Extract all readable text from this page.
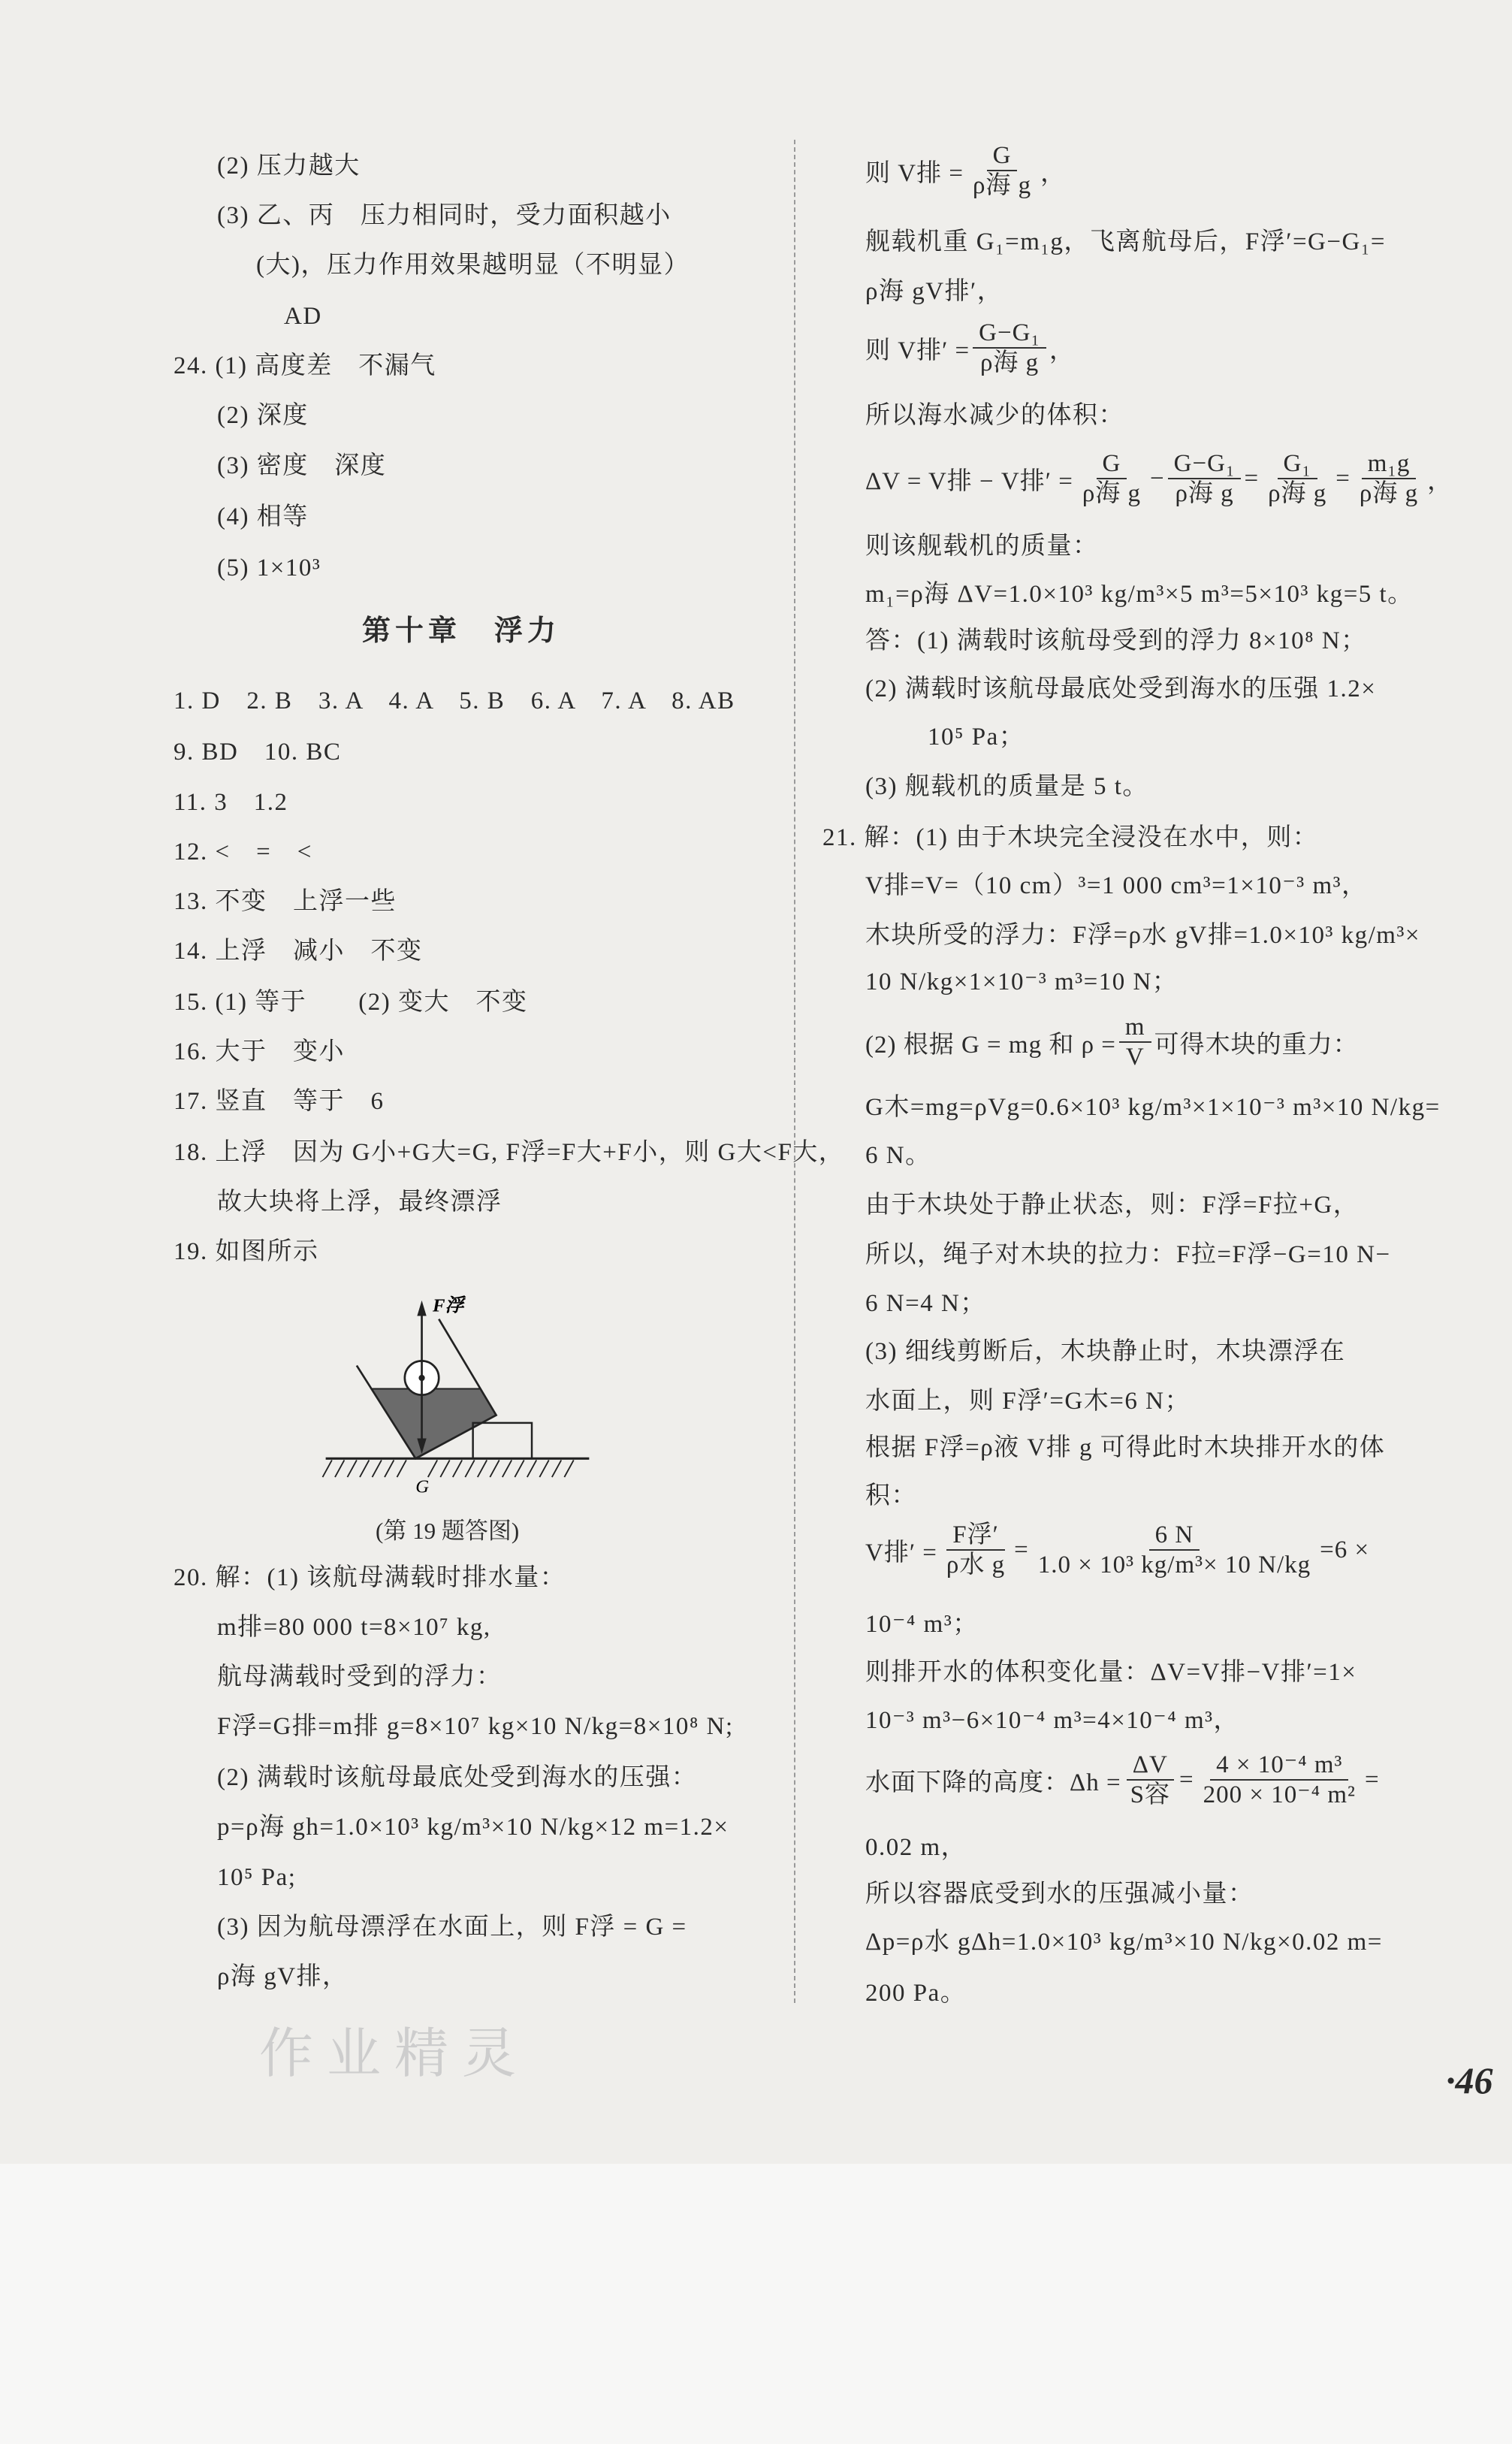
(2) 压力越大
(3) 乙、丙　压力相同时，受力面积越小
(大)，压力作用效果越明显（不明显）
AD
24. (1) 高度差　不漏气
(2) 深度
(3) 密度　深度
(4) 相等
(5) 1×10³
第十章　浮力
1. D　2. B　3. A　4. A　5. B　6. A　7. A　8. AB
9. BD　10. BC
11. 3　1.2
12. <　=　<
13. 不变　上浮一些
14. 上浮　减小　不变
15. (1) 等于　　(2) 变大　不变
16. 大于　变小
17. 竖直　等于　6
18. 上浮　因为 G小+G大=G, F浮=F大+F小，则 G大<F大，
故大块将上浮，最终漂浮
19. 如图所示
F浮
G
(第 19 题答图)
20. 解：(1) 该航母满载时排水量：
m排=80 000 t=8×10⁷ kg,
航母满载时受到的浮力：
F浮=G排=m排 g=8×10⁷ kg×10 N/kg=8×10⁸ N;
(2) 满载时该航母最底处受到海水的压强：
p=ρ海 gh=1.0×10³ kg/m³×10 N/kg×12 m=1.2×
10⁵ Pa;
(3) 因为航母漂浮在水面上，则 F浮 = G =
ρ海 gV排，
作业精灵
则 V排 = $\frac{G}{\text{ρ海 g}}$ ，
舰载机重 G₁=m₁g，飞离航母后，F浮′=G−G₁=
ρ海 gV排′，
则 V排′ = $\frac{\text{G−G₁}}{\text{ρ海 g}}$ ，
所以海水减少的体积：
ΔV = V排 − V排′ = $\frac{G}{\text{ρ海 g}} - \frac{\text{G−G₁}}{\text{ρ海 g}} = \frac{\text{G₁}}{\text{ρ海 g}} = \frac{\text{m₁g}}{\text{ρ海 g}}$ ，
则该舰载机的质量：
m₁=ρ海 ΔV=1.0×10³ kg/m³×5 m³=5×10³ kg=5 t。
答：(1) 满载时该航母受到的浮力 8×10⁸ N；
(2) 满载时该航母最底处受到海水的压强 1.2×
10⁵ Pa；
(3) 舰载机的质量是 5 t。
21. 解：(1) 由于木块完全浸没在水中，则：
V排=V=（10 cm）³=1 000 cm³=1×10⁻³ m³，
木块所受的浮力：F浮=ρ水 gV排=1.0×10³ kg/m³×
10 N/kg×1×10⁻³ m³=10 N；
(2) 根据 G = mg 和 $\rho = \frac{m}{V}$ 可得木块的重力：
G木=mg=ρVg=0.6×10³ kg/m³×1×10⁻³ m³×10 N/kg=
6 N。
由于木块处于静止状态，则：F浮=F拉+G，
所以，绳子对木块的拉力：F拉=F浮−G=10 N−
6 N=4 N；
(3) 细线剪断后，木块静止时，木块漂浮在
水面上，则 F浮′=G木=6 N；
根据 F浮=ρ液 V排 g 可得此时木块排开水的体
积：
V排′ = $\frac{\text{F浮′}}{\text{ρ水 g}} = \frac{6 N}{\text{1.0 × 10³ kg/m³× 10 N/kg}} =6$ ×
10⁻⁴ m³；
则排开水的体积变化量：ΔV=V排−V排′=1×
10⁻³ m³−6×10⁻⁴ m³=4×10⁻⁴ m³，
水面下降的高度：$\Delta h = \frac{\Delta V}{\text{S容}} = \frac{\text{4 × 10⁻⁴ m³}}{\text{200 × 10⁻⁴ m²}}$ =
0.02 m，
所以容器底受到水的压强减小量：
Δp=ρ水 gΔh=1.0×10³ kg/m³×10 N/kg×0.02 m=
200 Pa。
·46
